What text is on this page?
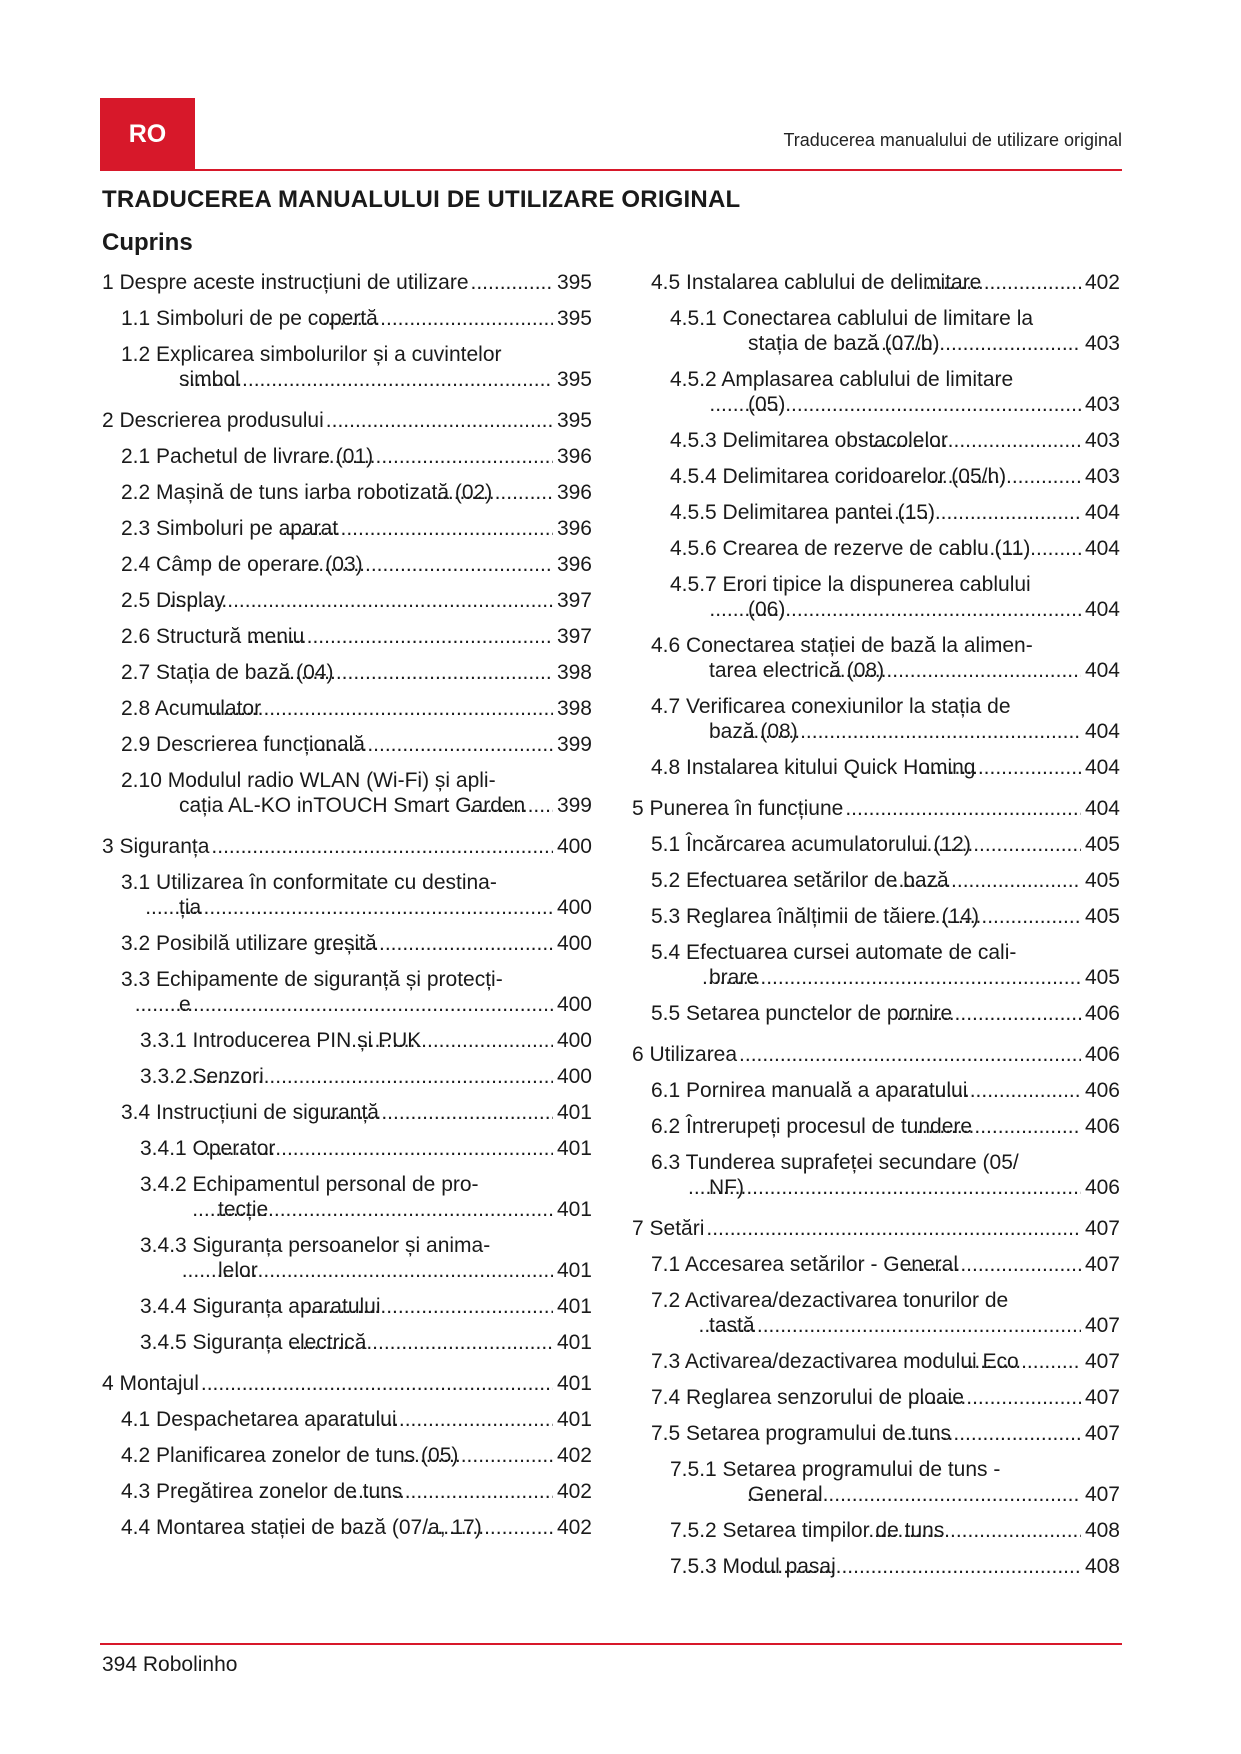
RO	Traducerea manualului de utilizare original
TRADUCEREA MANUALULUI DE UTILIZARE ORIGINAL
Cuprins
1 Despre aceste instrucțiuni de utilizare .....	395
1.1 Simboluri de pe copertă .....	395
1.2 Explicarea simbolurilor și a cuvintelor
simbol .....	395
2 Descrierea produsului .....	395
2.1 Pachetul de livrare (01) .....	396
2.2 Mașină de tuns iarba robotizată (02) .....	396
2.3 Simboluri pe aparat .....	396
2.4 Câmp de operare (03) .....	396
2.5 Display .....	397
2.6 Structură meniu .....	397
2.7 Stația de bază (04) .....	398
2.8 Acumulator .....	398
2.9 Descrierea funcțională .....	399
2.10 Modulul radio WLAN (Wi-Fi) și apli-
cația AL-KO inTOUCH Smart Garden .....	399
3 Siguranța .....	400
3.1 Utilizarea în conformitate cu destina-
ția .....	400
3.2 Posibilă utilizare greșită .....	400
3.3 Echipamente de siguranță și protecți-
e .....	400
3.3.1 Introducerea PIN și PUK .....	400
3.3.2 Senzori .....	400
3.4 Instrucțiuni de siguranță .....	401
3.4.1 Operator .....	401
3.4.2 Echipamentul personal de pro-
tecție .....	401
3.4.3 Siguranța persoanelor și anima-
lelor .....	401
3.4.4 Siguranța aparatului .....	401
3.4.5 Siguranța electrică .....	401
4 Montajul .....	401
4.1 Despachetarea aparatului .....	401
4.2 Planificarea zonelor de tuns (05) .....	402
4.3 Pregătirea zonelor de tuns .....	402
4.4 Montarea stației de bază (07/a, 17) .....	402
4.5 Instalarea cablului de delimitare .....	402
4.5.1 Conectarea cablului de limitare la
stația de bază (07/b) .....	403
4.5.2 Amplasarea cablului de limitare
(05) .....	403
4.5.3 Delimitarea obstacolelor .....	403
4.5.4 Delimitarea coridoarelor (05/h) .....	403
4.5.5 Delimitarea pantei (15) .....	404
4.5.6 Crearea de rezerve de cablu (11) .....	404
4.5.7 Erori tipice la dispunerea cablului
(06) .....	404
4.6 Conectarea stației de bază la alimen-
tarea electrică (08) .....	404
4.7 Verificarea conexiunilor la stația de
bază (08) .....	404
4.8 Instalarea kitului Quick Homing .....	404
5 Punerea în funcțiune .....	404
5.1 Încărcarea acumulatorului (12) .....	405
5.2 Efectuarea setărilor de bază .....	405
5.3 Reglarea înălțimii de tăiere (14) .....	405
5.4 Efectuarea cursei automate de cali-
brare .....	405
5.5 Setarea punctelor de pornire .....	406
6 Utilizarea .....	406
6.1 Pornirea manuală a aparatului .....	406
6.2 Întrerupeți procesul de tundere .....	406
6.3 Tunderea suprafeței secundare (05/
NF) .....	406
7 Setări .....	407
7.1 Accesarea setărilor - General .....	407
7.2 Activarea/dezactivarea tonurilor de
tastă .....	407
7.3 Activarea/dezactivarea modului Eco .....	407
7.4 Reglarea senzorului de ploaie .....	407
7.5 Setarea programului de tuns .....	407
7.5.1 Setarea programului de tuns -
General .....	407
7.5.2 Setarea timpilor de tuns .....	408
7.5.3 Modul pasaj .....	408
394 Robolinho
